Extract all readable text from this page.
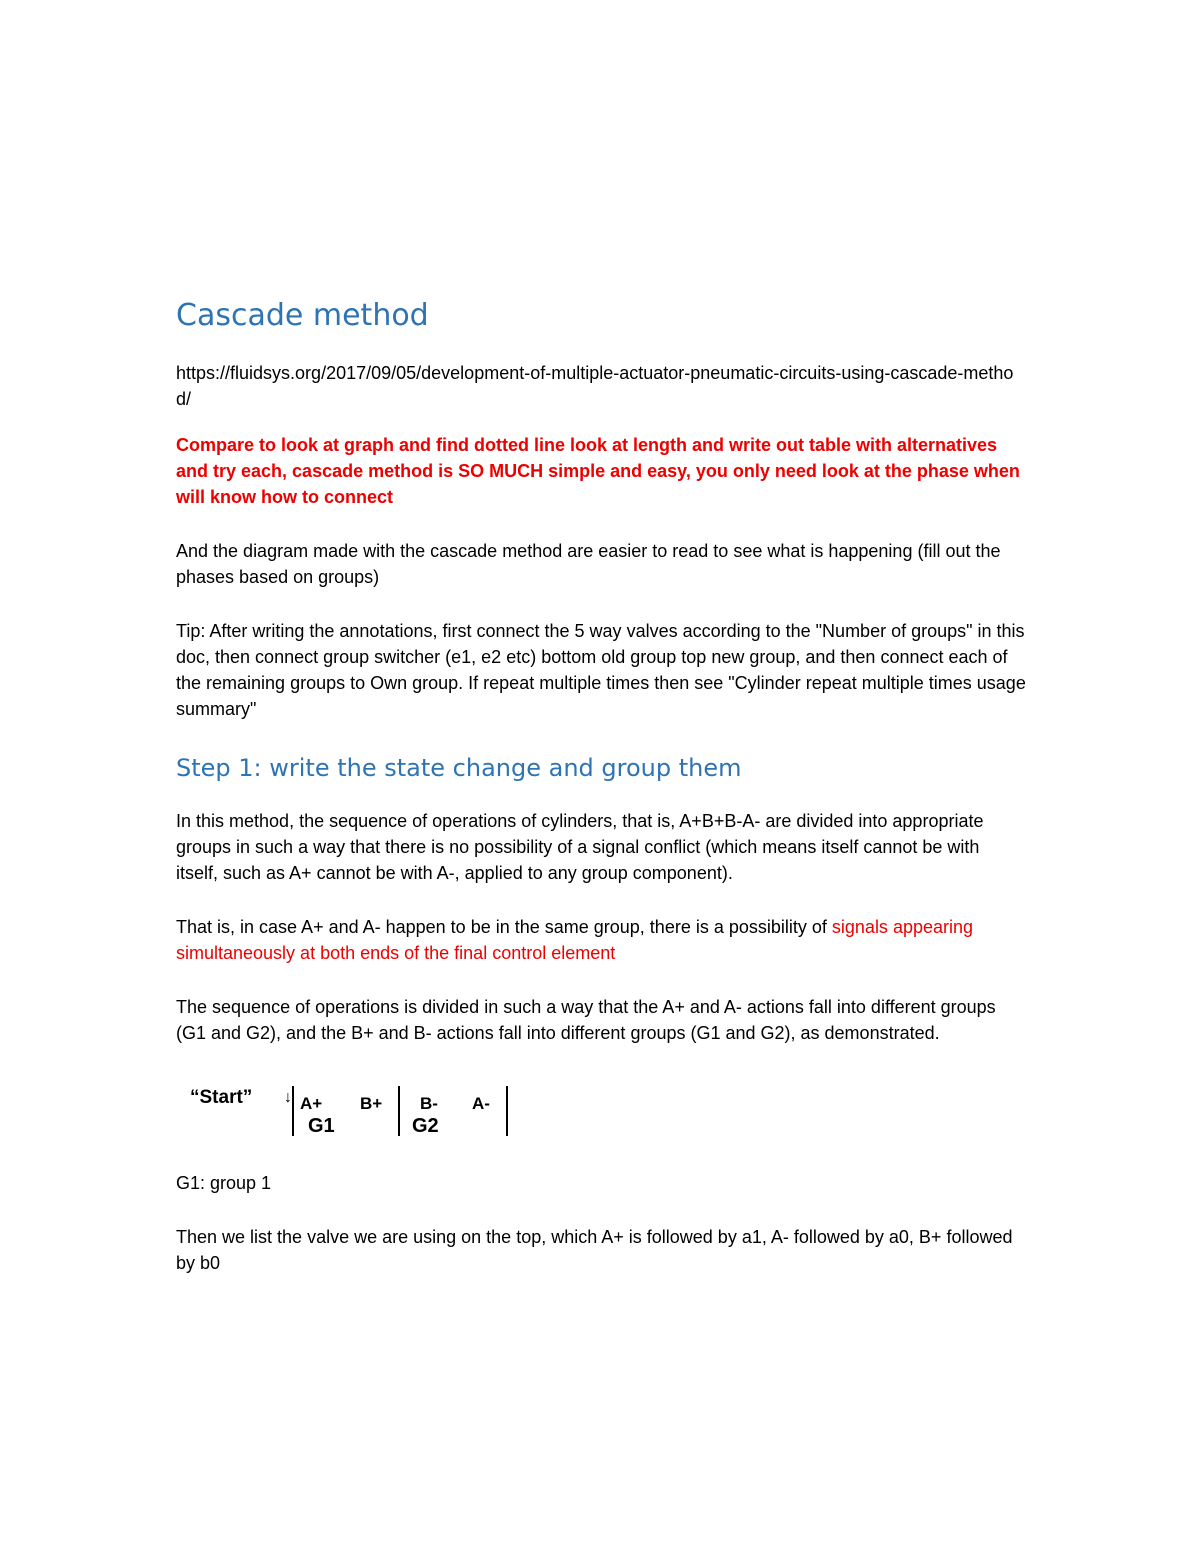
Cascade method

https://fluidsys.org/2017/09/05/development-of-multiple-actuator-pneumatic-circuits-using-cascade-method/

Compare to look at graph and find dotted line look at length and write out table with alternatives and try each, cascade method is SO MUCH simple and easy, you only need look at the phase when will know how to connect

And the diagram made with the cascade method are easier to read to see what is happening (fill out the phases based on groups)

Tip: After writing the annotations, first connect the 5 way valves according to the "Number of groups" in this doc, then connect group switcher (e1, e2 etc) bottom old group top new group, and then connect each of the remaining groups to Own group. If repeat multiple times then see "Cylinder repeat multiple times usage summary"

Step 1: write the state change and group them

In this method, the sequence of operations of cylinders, that is, A+B+B-A- are divided into appropriate groups in such a way that there is no possibility of a signal conflict (which means itself cannot be with itself, such as A+ cannot be with A-, applied to any group component).

That is, in case A+ and A- happen to be in the same group, there is a possibility of signals appearing simultaneously at both ends of the final control element

The sequence of operations is divided in such a way that the A+ and A- actions fall into different groups (G1 and G2), and the B+ and B- actions fall into different groups (G1 and G2), as demonstrated.

“Start” ↓ A+
G1
B+ B-
G2
A-

G1: group 1

Then we list the valve we are using on the top, which A+ is followed by a1, A- followed by a0, B+ followed by b0
